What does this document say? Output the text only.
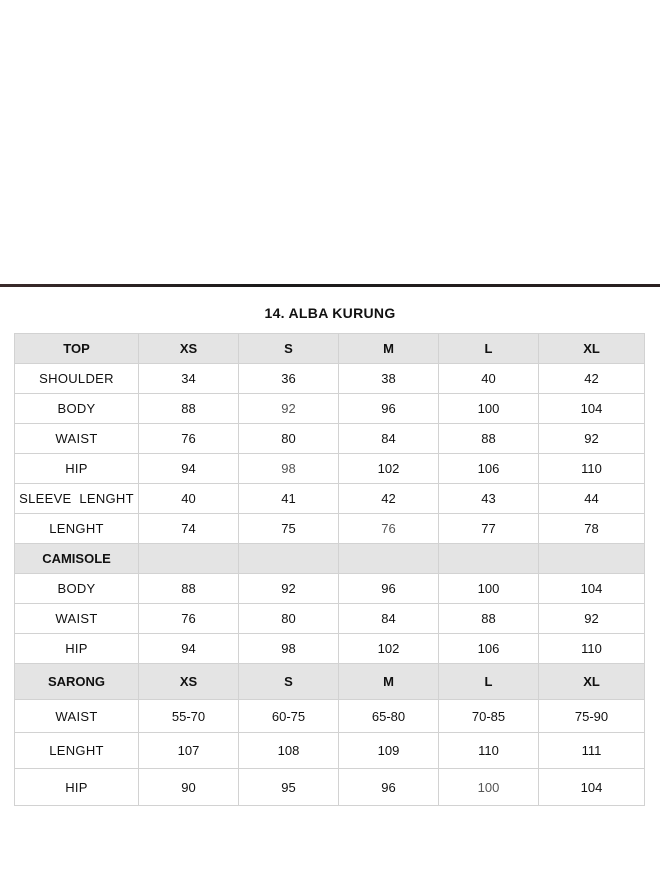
14. ALBA KURUNG
TOP	XS	S	M	L	XL
SHOULDER	34	36	38	40	42
BODY	88	92	96	100	104
WAIST	76	80	84	88	92
HIP	94	98	102	106	110
SLEEVE  LENGHT	40	41	42	43	44
LENGHT	74	75	76	77	78
CAMISOLE					
BODY	88	92	96	100	104
WAIST	76	80	84	88	92
HIP	94	98	102	106	110
SARONG	XS	S	M	L	XL
WAIST	55-70	60-75	65-80	70-85	75-90
LENGHT	107	108	109	110	111
HIP	90	95	96	100	104
